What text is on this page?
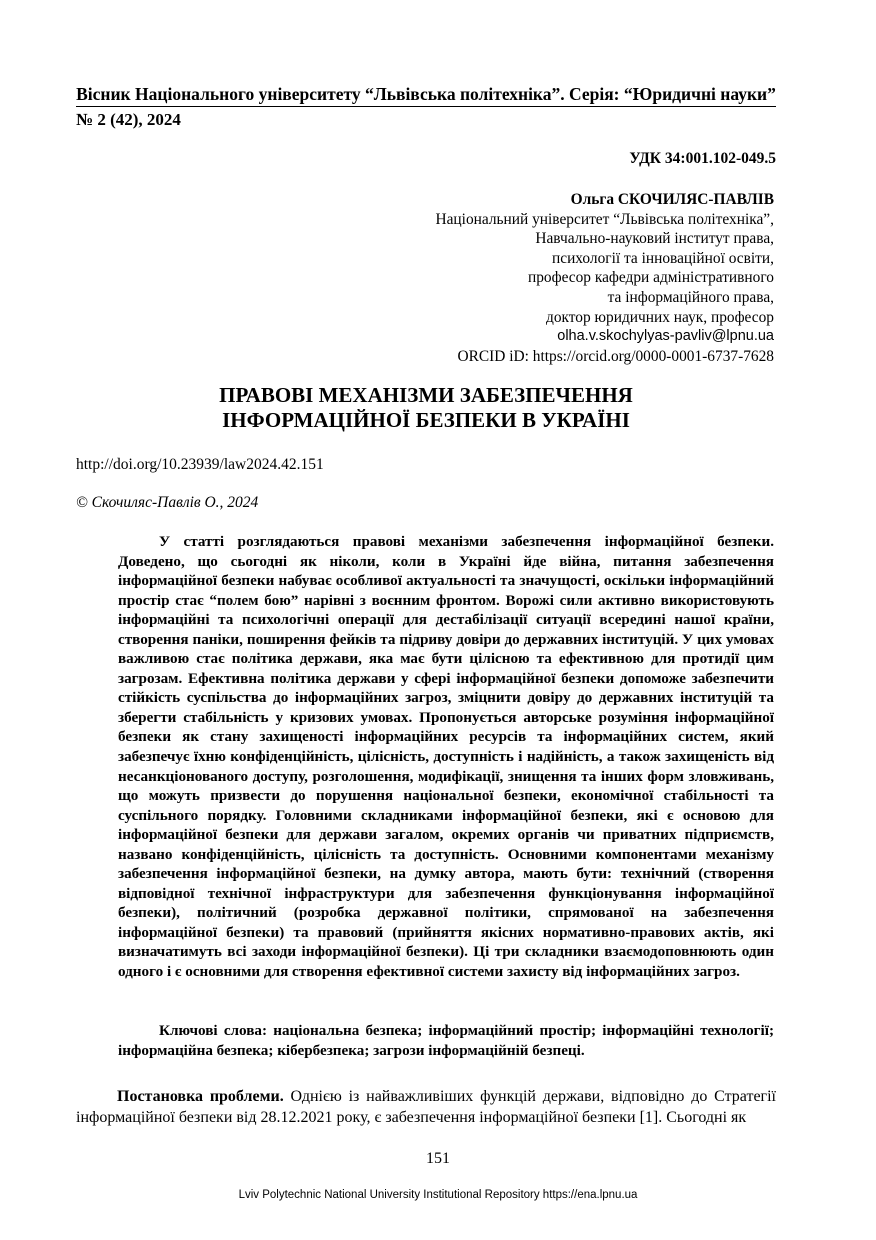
Вісник Національного університету “Львівська політехніка”. Серія: “Юридичні науки”
№ 2 (42), 2024
УДК 34:001.102-049.5
Ольга СКОЧИЛЯС-ПАВЛІВ
Національний університет “Львівська політехніка”,
Навчально-науковий інститут права,
психології та інноваційної освіти,
професор кафедри адміністративного
та інформаційного права,
доктор юридичних наук, професор
olha.v.skochylyas-pavliv@lpnu.ua
ORCID iD: https://orcid.org/0000-0001-6737-7628
ПРАВОВІ МЕХАНІЗМИ ЗАБЕЗПЕЧЕННЯ
ІНФОРМАЦІЙНОЇ БЕЗПЕКИ В УКРАЇНІ
http://doi.org/10.23939/law2024.42.151
© Скочиляс-Павлів О., 2024

У статті розглядаються правові механізми забезпечення інформаційної безпеки. Доведено, що сьогодні як ніколи, коли в Україні йде війна, питання забезпечення інформаційної безпеки набуває особливої актуальності та значущості, оскільки інформаційний простір стає “полем бою” нарівні з воєнним фронтом. Ворожі сили активно використовують інформаційні та психологічні операції для дестабілізації ситуації всередині нашої країни, створення паніки, поширення фейків та підриву довіри до державних інституцій. У цих умовах важливою стає політика держави, яка має бути цілісною та ефективною для протидії цим загрозам. Ефективна політика держави у сфері інформаційної безпеки допоможе забезпечити стійкість суспільства до інформаційних загроз, зміцнити довіру до державних інституцій та зберегти стабільність у кризових умовах. Пропонується авторське розуміння інформаційної безпеки як стану захищеності інформаційних ресурсів та інформаційних систем, який забезпечує їхню конфіденційність, цілісність, доступність і надійність, а також захищеність від несанкціонованого доступу, розголошення, модифікації, знищення та інших форм зловживань, що можуть призвести до порушення національної безпеки, економічної стабільності та суспільного порядку. Головними складниками інформаційної безпеки, які є основою для інформаційної безпеки для держави загалом, окремих органів чи приватних підприємств, названо конфіденційність, цілісність та доступність. Основними компонентами механізму забезпечення інформаційної безпеки, на думку автора, мають бути: технічний (створення відповідної технічної інфраструктури для забезпечення функціонування інформаційної безпеки), політичний (розробка державної політики, спрямованої на забезпечення інформаційної безпеки) та правовий (прийняття якісних нормативно-правових актів, які визначатимуть всі заходи інформаційної безпеки). Ці три складники взаємодоповнюють один одного і є основними для створення ефективної системи захисту від інформаційних загроз.

Ключові слова: національна безпека; інформаційний простір; інформаційні технології; інформаційна безпека; кібербезпека; загрози інформаційній безпеці.

Постановка проблеми. Однією із найважливіших функцій держави, відповідно до Стратегії інформаційної безпеки від 28.12.2021 року, є забезпечення інформаційної безпеки [1]. Сьогодні як

151
Lviv Polytechnic National University Institutional Repository https://ena.lpnu.ua
